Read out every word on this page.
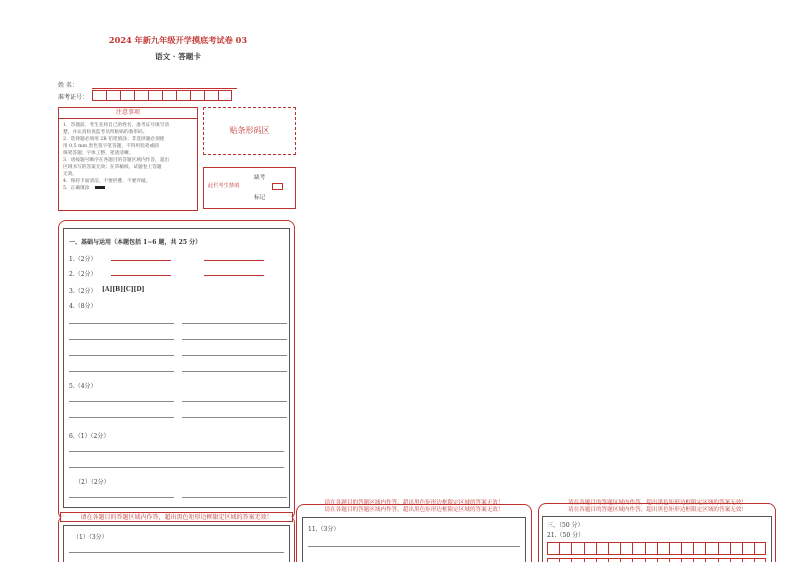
2024 年新九年级开学摸底考试卷 03
语文 · 答题卡
姓 名：
准考证号：
注意事项
1．答题前，考生先将自己的姓名，准考证号填写清
楚，并认真检查监考员所粘贴的条形码。
2．选择题必须用 2B 铅笔填涂；非选择题必须使
用 0.5 mm 黑色签字笔答题，不得用铅笔或圆
珠笔答题；字体工整、笔迹清晰。
3．请按题号顺序在各题目的答题区域内作答，超出
区域书写的答案无效；在草稿纸、试题卷上答题
无效。
4．保持卡面清洁，不要折叠、不要弄破。
5．正确填涂
贴条形码区
缺考
此栏考生禁填
标记
一、基础与运用（本题包括 1~6 题，共 25 分）
1.（2分）
2.（2分）
3.（2分） [A][B][C][D]
4.（8分）
5.（4分）
6.（1）（2分）
（2）（2分）
请在各题目的答题区域内作答，超出黑色矩形边框限定区域的答案无效！
（1）（3分）
请在各题目的答题区域内作答，超出黑色矩形边框限定区域的答案无效！
请在各题目的答题区域内作答，超出黑色矩形边框限定区域的答案无效！
11.（3分）
请在各题目的答题区域内作答，超出黑色矩形边框限定区域的答案无效！
请在各题目的答题区域内作答，超出黑色矩形边框限定区域的答案无效！
三、（50 分）
21.（50 分）
